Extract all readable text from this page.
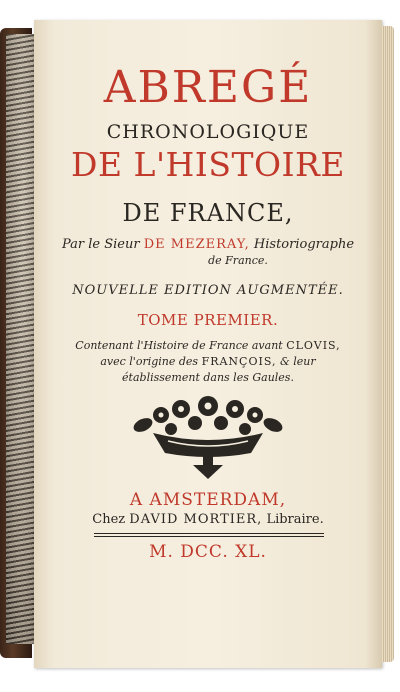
ABREGÉ
CHRONOLOGIQUE
DE L'HISTOIRE
DE FRANCE,
Par le Sieur DE MEZERAY, Historiographe
de France.
NOUVELLE EDITION AUGMENTÉE.
TOME PREMIER.
Contenant l'Histoire de France avant CLOVIS,
avec l'origine des FRANÇOIS, & leur
établissement dans les Gaules.
A AMSTERDAM,
Chez DAVID MORTIER, Libraire.
M. DCC. XL.
